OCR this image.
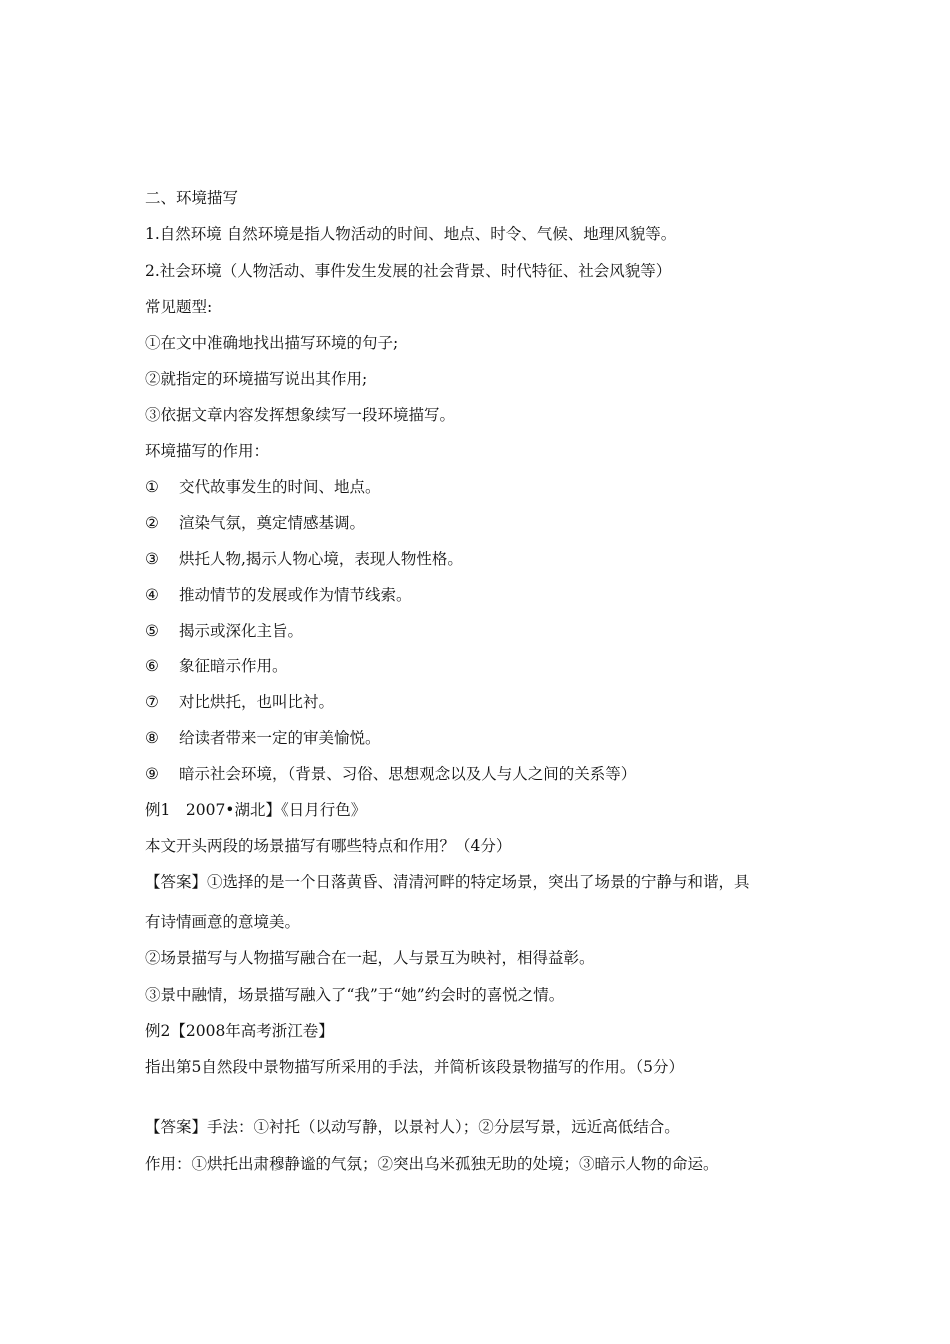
二、环境描写
1.自然环境 自然环境是指人物活动的时间、地点、时令、气候、地理风貌等。
2.社会环境（人物活动、事件发生发展的社会背景、时代特征、社会风貌等）
常见题型:
①在文中准确地找出描写环境的句子;
②就指定的环境描写说出其作用;
③依据文章内容发挥想象续写一段环境描写。
环境描写的作用：
① 交代故事发生的时间、地点。
② 渲染气氛，奠定情感基调。
③ 烘托人物,揭示人物心境，表现人物性格。
④ 推动情节的发展或作为情节线索。
⑤ 揭示或深化主旨。
⑥ 象征暗示作用。
⑦ 对比烘托，也叫比衬。
⑧ 给读者带来一定的审美愉悦。
⑨ 暗示社会环境，（背景、习俗、思想观念以及人与人之间的关系等）
例1　2007•湖北】《日月行色》
本文开头两段的场景描写有哪些特点和作用？（4分）
【答案】①选择的是一个日落黄昏、清清河畔的特定场景，突出了场景的宁静与和谐，具
有诗情画意的意境美。
②场景描写与人物描写融合在一起，人与景互为映衬，相得益彰。
③景中融情，场景描写融入了“我”于“她”约会时的喜悦之情。
例2【2008年高考浙江卷】
指出第5自然段中景物描写所采用的手法，并简析该段景物描写的作用。（5分）
【答案】手法：①衬托（以动写静，以景衬人）；②分层写景，远近高低结合。
作用：①烘托出肃穆静谧的气氛；②突出乌米孤独无助的处境；③暗示人物的命运。
